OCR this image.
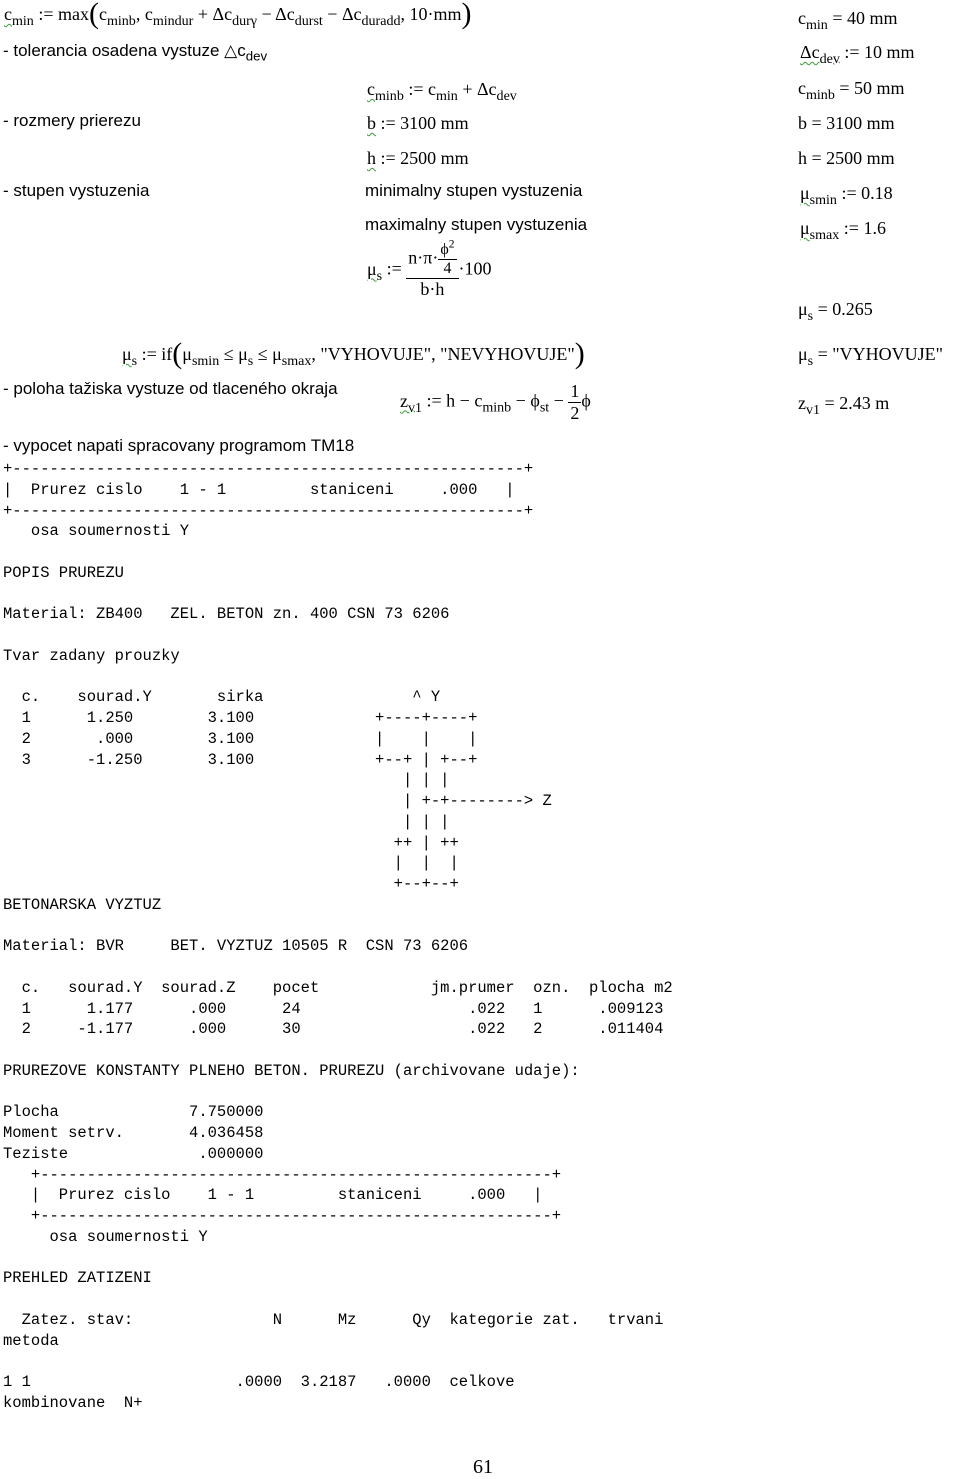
$c_{min}$ := $\max(c_{minb}$, $c_{mindur} + \Delta c_{dur\gamma} - \Delta c_{durst} - \Delta c_{duradd}$, 10·mm)	$c_{min} = 40$ mm
- tolerancia osadena vystuze $\triangle c_{dev}$	$\Delta c_{dev}$ := 10 mm
$c_{minb}$ := $c_{min} + \Delta c_{dev}$	$c_{minb} = 50$ mm
- rozmery prierezu	b := 3100 mm	b = 3100 mm
h := 2500 mm	h = 2500 mm
- stupen vystuzenia	minimalny stupen vystuzenia	$\mu_{smin}$ := 0.18
maximalny stupen vystuzenia	$\mu_{smax}$ := 1.6
$\mu_s$ := $\frac{n\cdot\pi\cdot \frac{\phi^2}{4}}{b\cdot h} \cdot 100$
$\mu_s = 0.265$
$\mu_s$ := $if(\mu_{smin} \le \mu_s \le \mu_{smax}$, "VYHOVUJE", "NEVYHOVUJE")	$\mu_s$ = "VYHOVUJE"
- poloha tažiska vystuze od tlaceného okraja
$z_{v1}$ := $h - c_{minb} - \phi_{st} - \frac{1}{2}$ ϕ	$z_{v1} = 2.43$ m
- vypocet napati spracovany programom TM18
+-------------------------------------------------------+
|  Prurez cislo    1 - 1         staniceni     .000   |
+-------------------------------------------------------+
osa soumernosti Y

POPIS PRUREZU

Material: ZB400   ZEL. BETON zn. 400 CSN 73 6206

Tvar zadany prouzky

c.    sourad.Y       sirka                ^ Y
1      1.250        3.100             +----+----+
2       .000        3.100             |    |    |
3      -1.250       3.100             +--+ | +--+
| | |
| +-+--------> Z
| | |
++ | ++
|  |  |
+--+--+
BETONARSKA VYZTUZ

Material: BVR     BET. VYZTUZ 10505 R  CSN 73 6206

c.   sourad.Y  sourad.Z    pocet            jm.prumer  ozn.  plocha m2
1      1.177      .000      24                  .022   1      .009123
2     -1.177      .000      30                  .022   2      .011404

PRUREZOVE KONSTANTY PLNEHO BETON. PRUREZU (archivovane udaje):

Plocha              7.750000
Moment setrv.       4.036458
Teziste              .000000
+-------------------------------------------------------+
|  Prurez cislo    1 - 1         staniceni     .000   |
+-------------------------------------------------------+
osa soumernosti Y

PREHLED ZATIZENI

Zatez. stav:               N      Mz      Qy  kategorie zat.   trvani
metoda

1 1                      .0000  3.2187   .0000  celkove
kombinovane  N+
61
